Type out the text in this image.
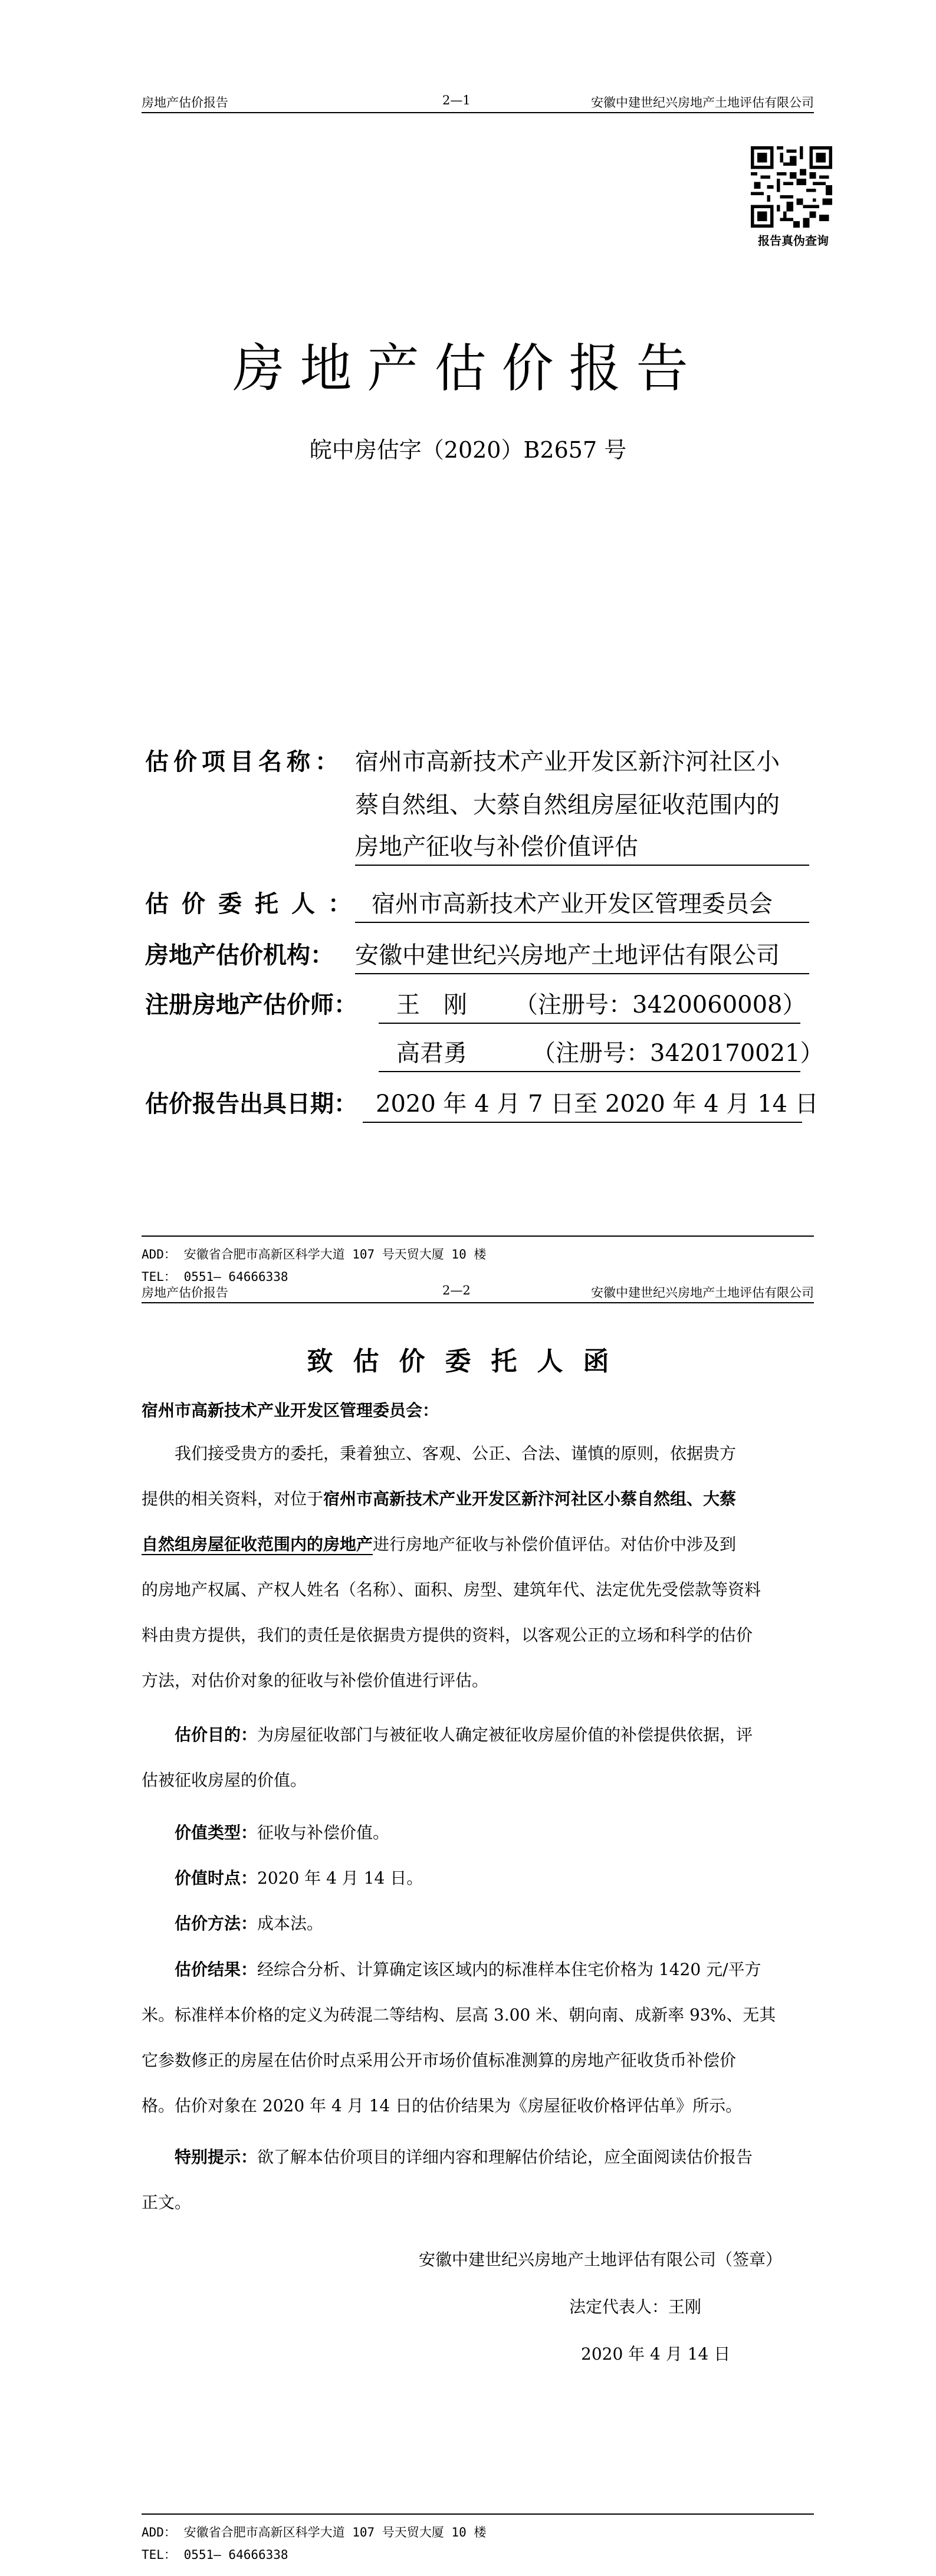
房地产估价报告	2—1	安徽中建世纪兴房地产土地评估有限公司
报告真伪查询
房地产估价报告
皖中房估字（2020）B2657 号
估价项目名称： 宿州市高新技术产业开发区新汴河社区小
蔡自然组、大蔡自然组房屋征收范围内的
房地产征收与补偿价值评估
估价委托人： 宿州市高新技术产业开发区管理委员会
房地产估价机构： 安徽中建世纪兴房地产土地评估有限公司
注册房地产估价师：	王　刚 （注册号：3420060008）
高君勇	（注册号：3420170021）
估价报告出具日期： 2020 年 4 月 7 日至 2020 年 4 月 14 日
ADD： 安徽省合肥市高新区科学大道 107 号天贸大厦 10 楼
TEL： 0551— 64666338
房地产估价报告	2—2	安徽中建世纪兴房地产土地评估有限公司
致估价委托人函
宿州市高新技术产业开发区管理委员会：
我们接受贵方的委托，秉着独立、客观、公正、合法、谨慎的原则，依据贵方
提供的相关资料，对位于宿州市高新技术产业开发区新汴河社区小蔡自然组、大蔡
自然组房屋征收范围内的房地产进行房地产征收与补偿价值评估。对估价中涉及到
的房地产权属、产权人姓名（名称）、面积、房型、建筑年代、法定优先受偿款等资料
料由贵方提供，我们的责任是依据贵方提供的资料，以客观公正的立场和科学的估价
方法，对估价对象的征收与补偿价值进行评估。
估价目的：为房屋征收部门与被征收人确定被征收房屋价值的补偿提供依据，评
估被征收房屋的价值。
价值类型：征收与补偿价值。
价值时点：2020 年 4 月 14 日。
估价方法：成本法。
估价结果：经综合分析、计算确定该区域内的标准样本住宅价格为 1420 元/平方
米。标准样本价格的定义为砖混二等结构、层高 3.00 米、朝向南、成新率 93%、无其
它参数修正的房屋在估价时点采用公开市场价值标准测算的房地产征收货币补偿价
格。估价对象在 2020 年 4 月 14 日的估价结果为《房屋征收价格评估单》所示。
特别提示：欲了解本估价项目的详细内容和理解估价结论，应全面阅读估价报告
正文。
安徽中建世纪兴房地产土地评估有限公司（签章）
法定代表人：王刚
2020 年 4 月 14 日
ADD： 安徽省合肥市高新区科学大道 107 号天贸大厦 10 楼
TEL： 0551— 64666338
